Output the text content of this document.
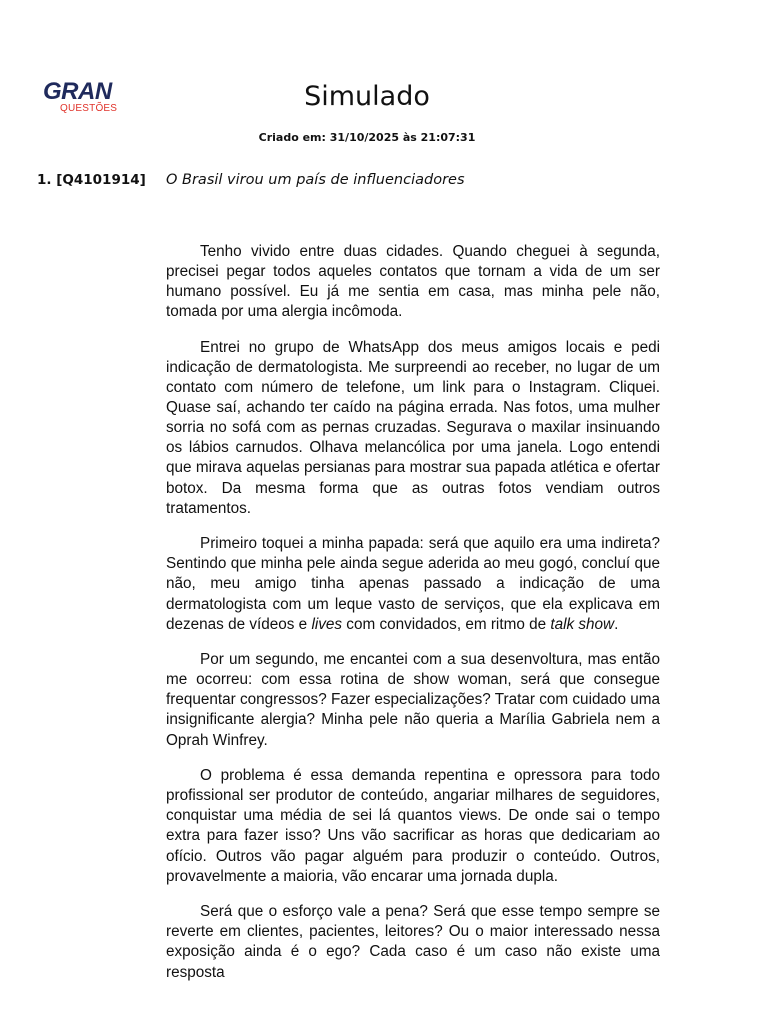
GRAN
QUESTÕES	Simulado
Criado em: 31/10/2025 às 21:07:31
1. [Q4101914] O Brasil virou um país de influenciadores

Tenho vivido entre duas cidades. Quando cheguei à segunda, precisei pegar todos aqueles contatos que tornam a vida de um ser humano possível. Eu já me sentia em casa, mas minha pele não, tomada por uma alergia incômoda.

Entrei no grupo de WhatsApp dos meus amigos locais e pedi indicação de dermatologista. Me surpreendi ao receber, no lugar de um contato com número de telefone, um link para o Instagram. Cliquei. Quase saí, achando ter caído na página errada. Nas fotos, uma mulher sorria no sofá com as pernas cruzadas. Segurava o maxilar insinuando os lábios carnudos. Olhava melancólica por uma janela. Logo entendi que mirava aquelas persianas para mostrar sua papada atlética e ofertar botox. Da mesma forma que as outras fotos vendiam outros tratamentos.

Primeiro toquei a minha papada: será que aquilo era uma indireta? Sentindo que minha pele ainda segue aderida ao meu gogó, concluí que não, meu amigo tinha apenas passado a indicação de uma dermatologista com um leque vasto de serviços, que ela explicava em dezenas de vídeos e lives com convidados, em ritmo de talk show.

Por um segundo, me encantei com a sua desenvoltura, mas então me ocorreu: com essa rotina de show woman, será que consegue frequentar congressos? Fazer especializações? Tratar com cuidado uma insignificante alergia? Minha pele não queria a Marília Gabriela nem a Oprah Winfrey.

O problema é essa demanda repentina e opressora para todo profissional ser produtor de conteúdo, angariar milhares de seguidores, conquistar uma média de sei lá quantos views. De onde sai o tempo extra para fazer isso? Uns vão sacrificar as horas que dedicariam ao ofício. Outros vão pagar alguém para produzir o conteúdo. Outros, provavelmente a maioria, vão encarar uma jornada dupla.

Será que o esforço vale a pena? Será que esse tempo sempre se reverte em clientes, pacientes, leitores? Ou o maior interessado nessa exposição ainda é o ego? Cada caso é um caso não existe uma resposta
